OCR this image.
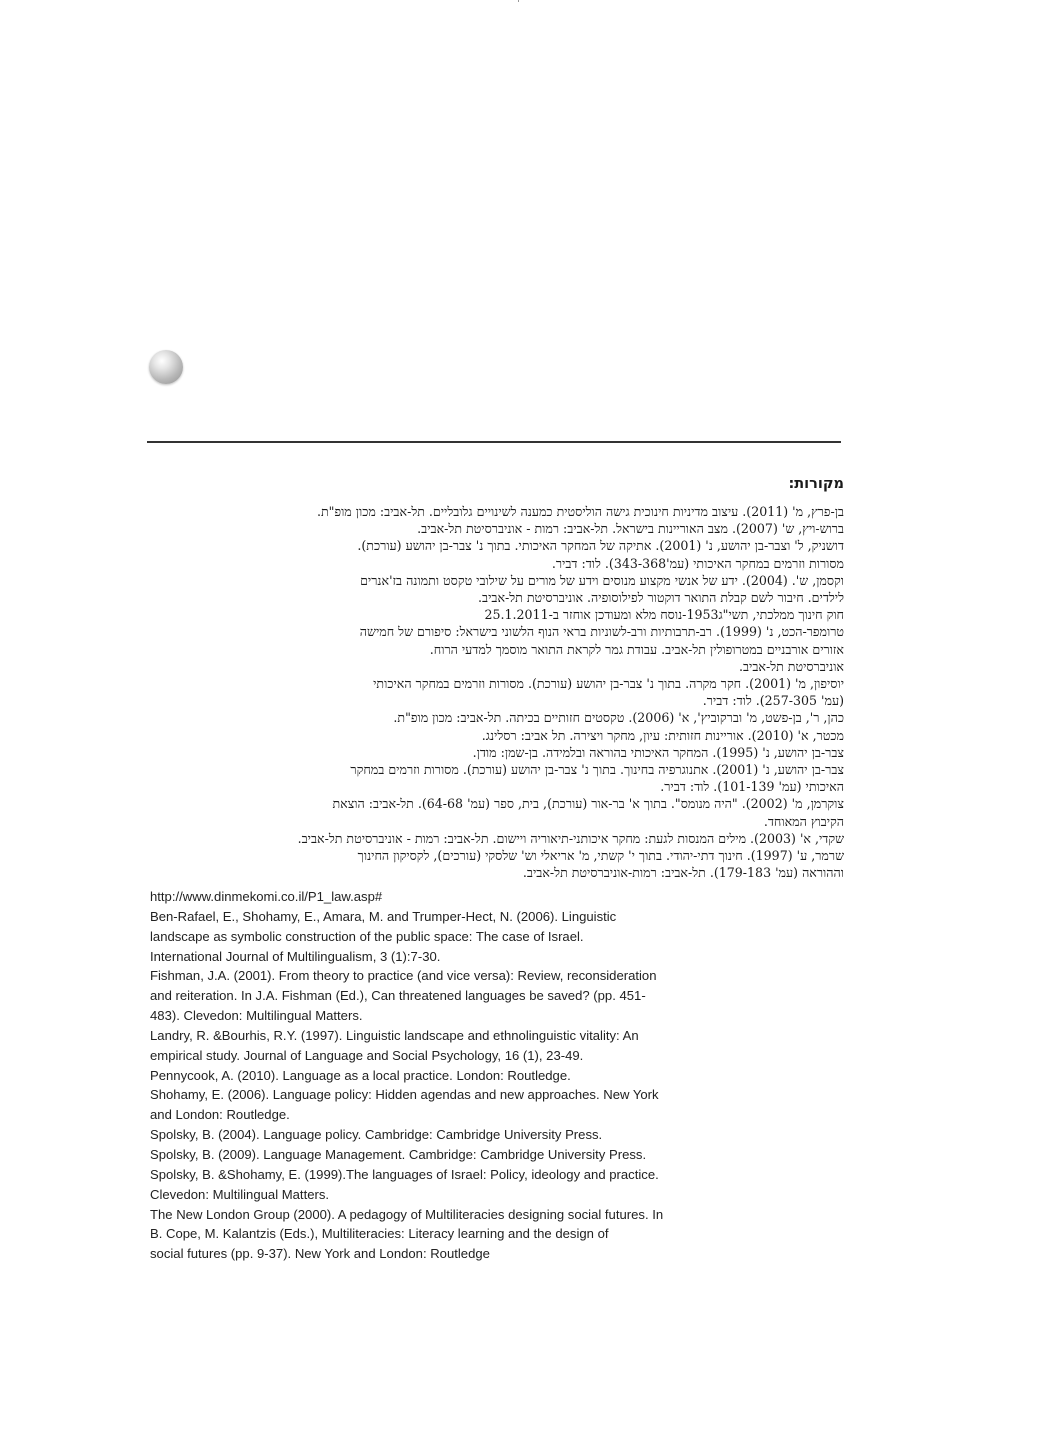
מקורות:

בן-פרץ, מ' (2011). עיצוב מדיניות חינוכית גישה הוליסטית כמענה לשינויים גלובליים. תל-אביב: מכון מופ"ת.

ברוש-ויץ, ש' (2007). מצב האוריינות בישראל. תל-אביב: רמות - אוניברסיטת תל-אביב.

דושניק, ל' וצבר-בן יהושע, נ' (2001). אתיקה של המחקר האיכותי. בתוך נ' צבר-בן יהושע (עורכת).

מסורות וזרמים במחקר האיכותי (עמ'343-368). לוד: דביר.

וקסמן, ש'. (2004). ידע של אנשי מקצוע מנוסים וידע של מורים על שילובי טקסט ותמונה בז'אנרים

לילדים. חיבור לשם קבלת התואר דוקטור לפילוסופיה. אוניברסיטת תל-אביב.

חוק חינוך ממלכתי, תשי"ג1953-נוסח מלא ומעודכן אוחזר ב-25.1.2011

טרומפר-הכט, נ' (1999). רב-תרבותיות ורב-לשוניות בראי הנוף הלשוני בישראל: סיפורם של חמישה

אזורים אורבניים במטרופולין תל-אביב. עבודת גמר לקראת התואר מוסמך למדעי הרוח.

אוניברסיטת תל-אביב.

יוסיפון, מ' (2001). חקר מקרה. בתוך נ' צבר-בן יהושע (עורכת). מסורות וזרמים במחקר האיכותי

(עמ' 257-305). לוד: דביר.

כהן, ר', בן-פשט, מ' וברקוביץ', א' (2006). טקסטים חזותיים בכיתה. תל-אביב: מכון מופ"ת.

מכטר, א' (2010). אוריינות חזותית: עיון, מחקר ויצירה. תל אביב: רסלינג.

צבר-בן יהושע, נ' (1995). המחקר האיכותי בהוראה ובלמידה. בן-שמן: מודן.

צבר-בן יהושע, נ' (2001). אתנוגרפיה בחינוך. בתוך נ' צבר-בן יהושע (עורכת). מסורות וזרמים במחקר

האיכותי (עמ' 101-139). לוד: דביר.

צוקרמן, מ' (2002). "היה מנומס". בתוך א' בר-אור (עורכת), בית, ספר (עמ' 64-68). תל-אביב: הוצאת

הקיבוץ המאוחד.

שקדי, א' (2003). מילים המנסות לגעת: מחקר איכותני-תיאוריה ויישום. תל-אביב: רמות - אוניברסיטת תל-אביב.

שרמר, ע' (1997). חינוך דתי-יהודי. בתוך י' קשתי, מ' אריאלי וש' שלסקי (עורכים), לקסיקון החינוך

וההוראה (עמ' 179-183). תל-אביב: רמות-אוניברסיטת תל-אביב.

http://www.dinmekomi.co.il/P1_law.asp#

Ben-Rafael, E., Shohamy, E., Amara, M. and Trumper-Hect, N. (2006). Linguistic

landscape as symbolic construction of the public space: The case of Israel.

International Journal of Multilingualism, 3 (1):7-30.

Fishman, J.A. (2001). From theory to practice (and vice versa): Review, reconsideration

and reiteration. In J.A. Fishman (Ed.), Can threatened languages be saved? (pp. 451-

483). Clevedon: Multilingual Matters.

Landry, R. &Bourhis, R.Y. (1997). Linguistic landscape and ethnolinguistic vitality: An

empirical study. Journal of Language and Social Psychology, 16 (1), 23-49.

Pennycook, A. (2010). Language as a local practice. London: Routledge.

Shohamy, E. (2006). Language policy: Hidden agendas and new approaches. New York

and London: Routledge.

Spolsky, B. (2004). Language policy. Cambridge: Cambridge University Press.

Spolsky, B. (2009). Language Management. Cambridge: Cambridge University Press.

Spolsky, B. &Shohamy, E. (1999).The languages of Israel: Policy, ideology and practice.

Clevedon: Multilingual Matters.

The New London Group (2000). A pedagogy of Multiliteracies designing social futures. In

B. Cope, M. Kalantzis (Eds.), Multiliteracies: Literacy learning and the design of

social futures (pp. 9-37). New York and London: Routledge
